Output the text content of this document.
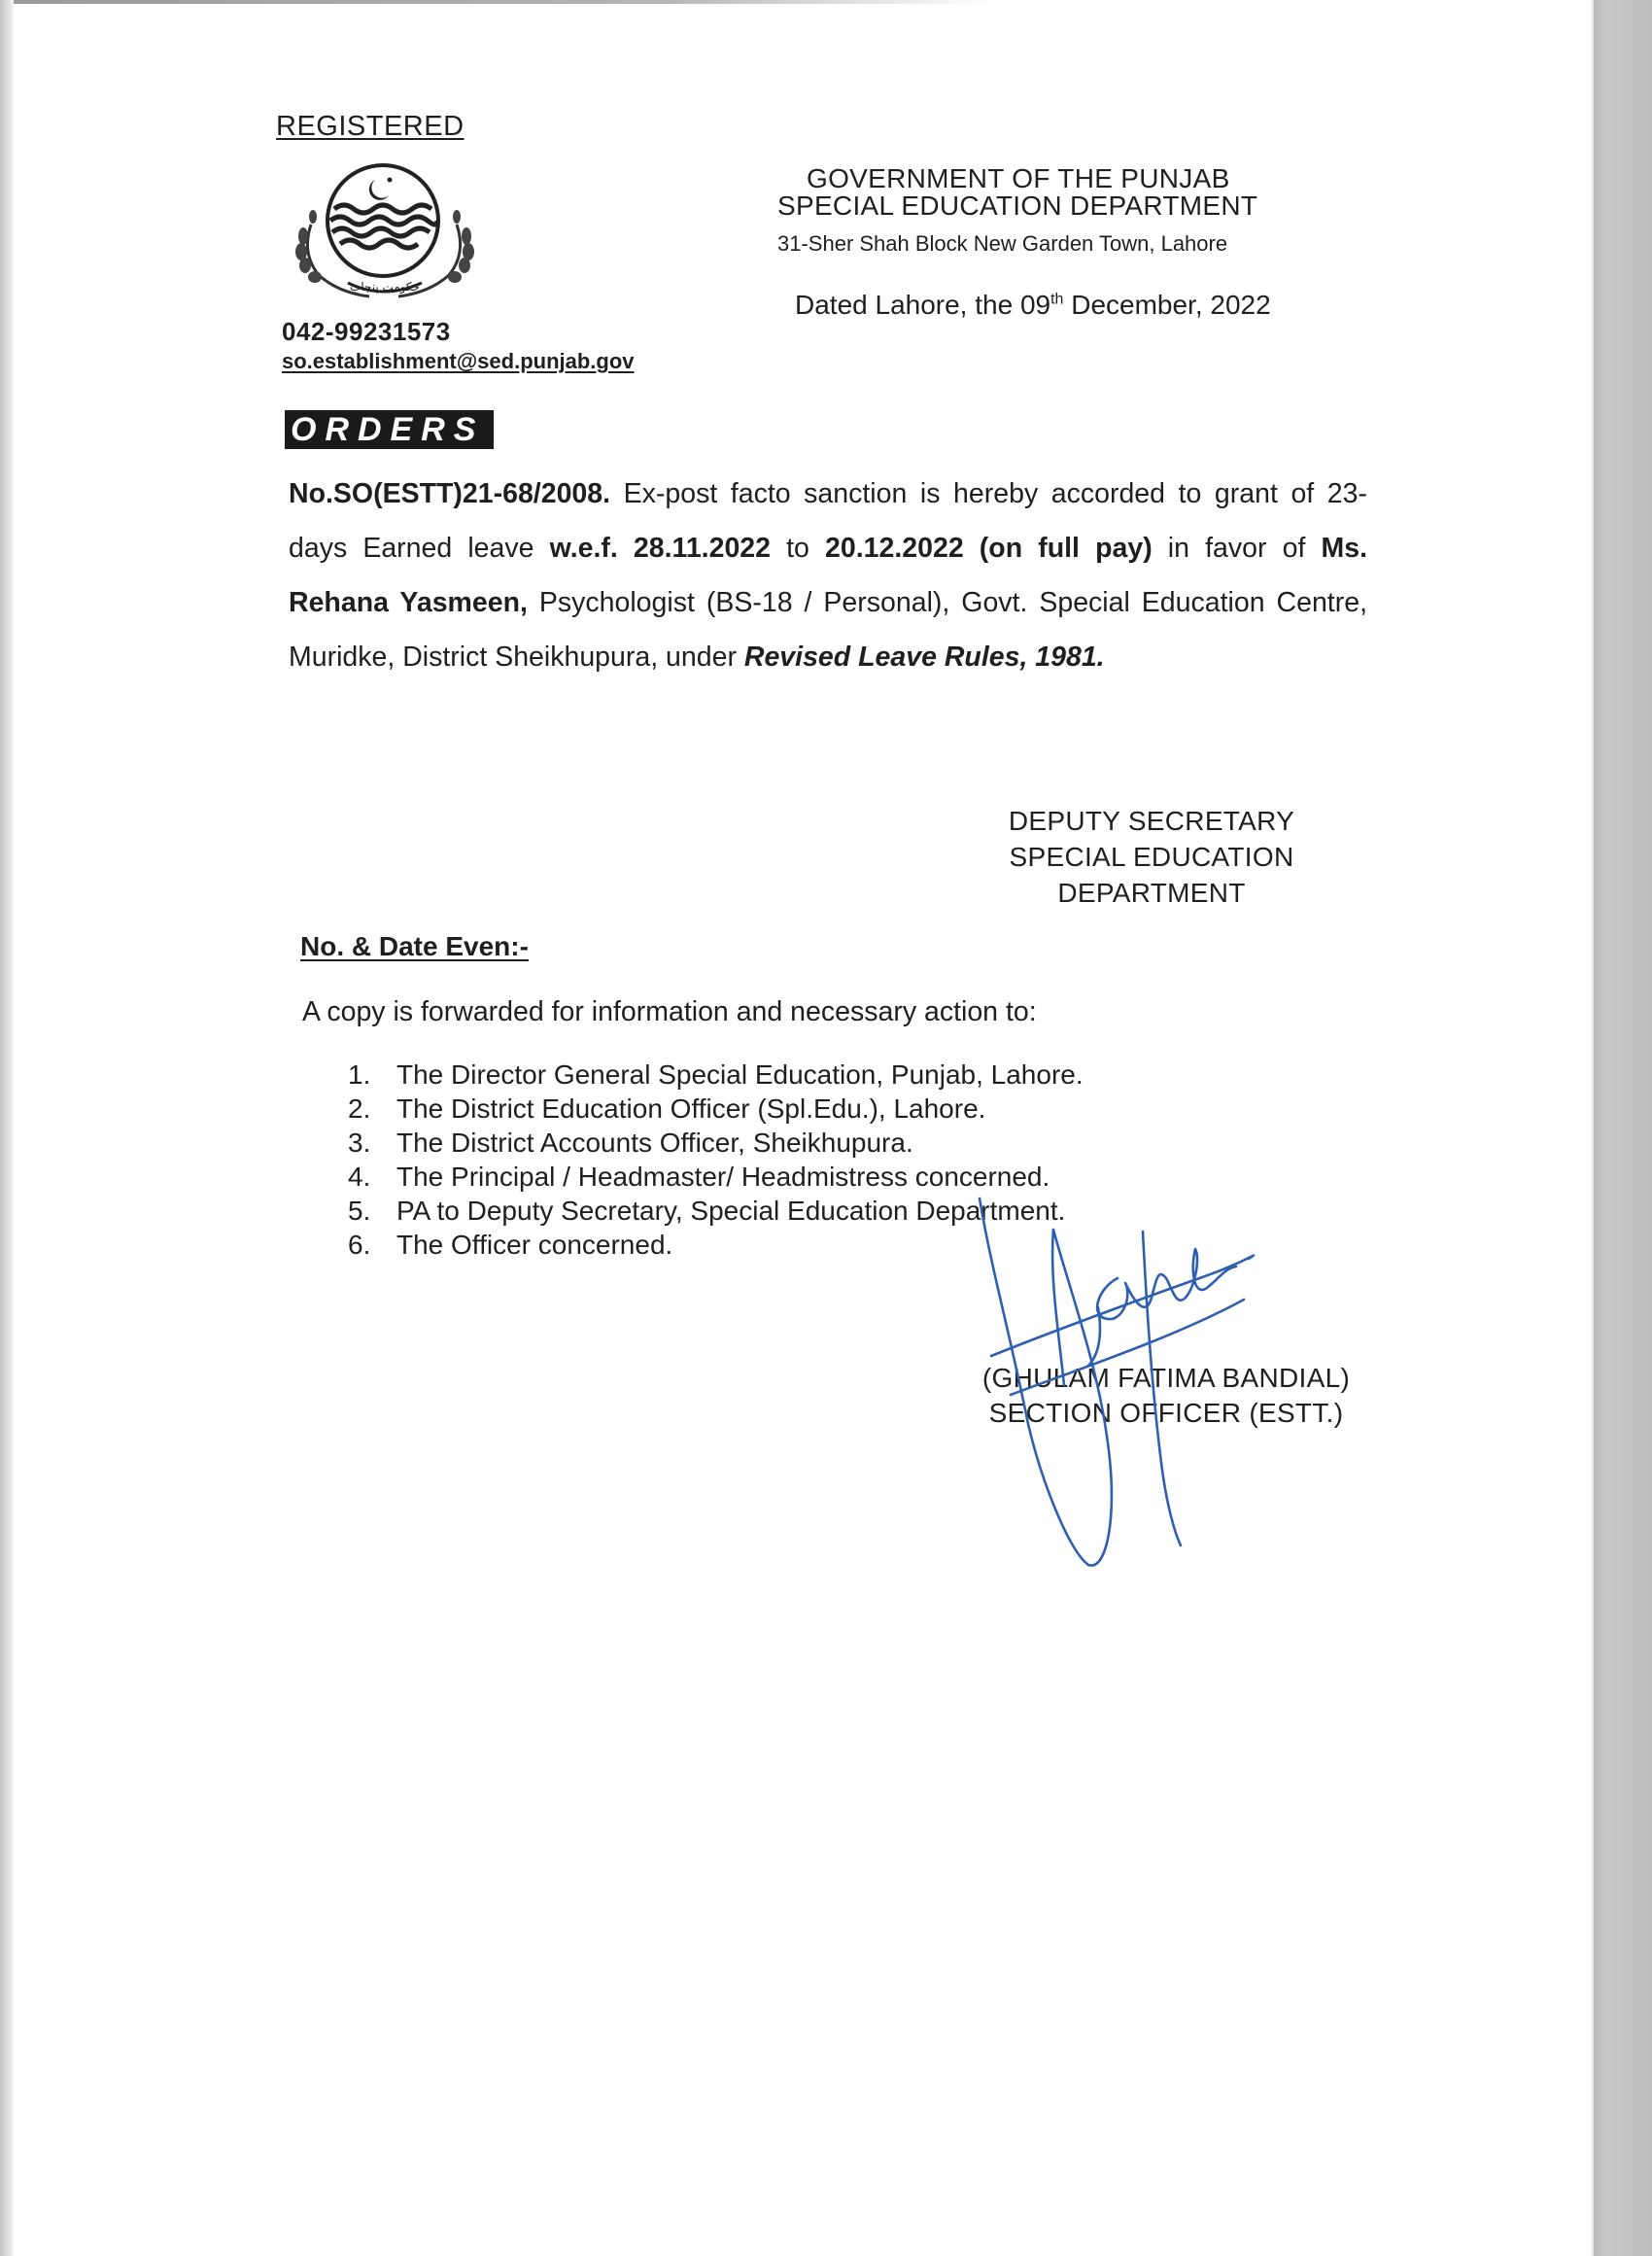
REGISTERED
حکومت پنجاب
042-99231573
so.establishment@sed.punjab.gov
GOVERNMENT OF THE PUNJAB
SPECIAL EDUCATION DEPARTMENT
31-Sher Shah Block New Garden Town, Lahore
Dated Lahore, the 09th December, 2022
ORDERS
No.SO(ESTT)21-68/2008. Ex-post facto sanction is hereby accorded to grant of 23-days Earned leave w.e.f. 28.11.2022 to 20.12.2022 (on full pay) in favor of Ms. Rehana Yasmeen, Psychologist (BS-18 / Personal), Govt. Special Education Centre, Muridke, District Sheikhupura, under Revised Leave Rules, 1981.
DEPUTY SECRETARY
SPECIAL EDUCATION
DEPARTMENT
No. & Date Even:-
A copy is forwarded for information and necessary action to:
1. The Director General Special Education, Punjab, Lahore.
2. The District Education Officer (Spl.Edu.), Lahore.
3. The District Accounts Officer, Sheikhupura.
4. The Principal / Headmaster/ Headmistress concerned.
5. PA to Deputy Secretary, Special Education Department.
6. The Officer concerned.
(GHULAM FATIMA BANDIAL)
SECTION OFFICER (ESTT.)
